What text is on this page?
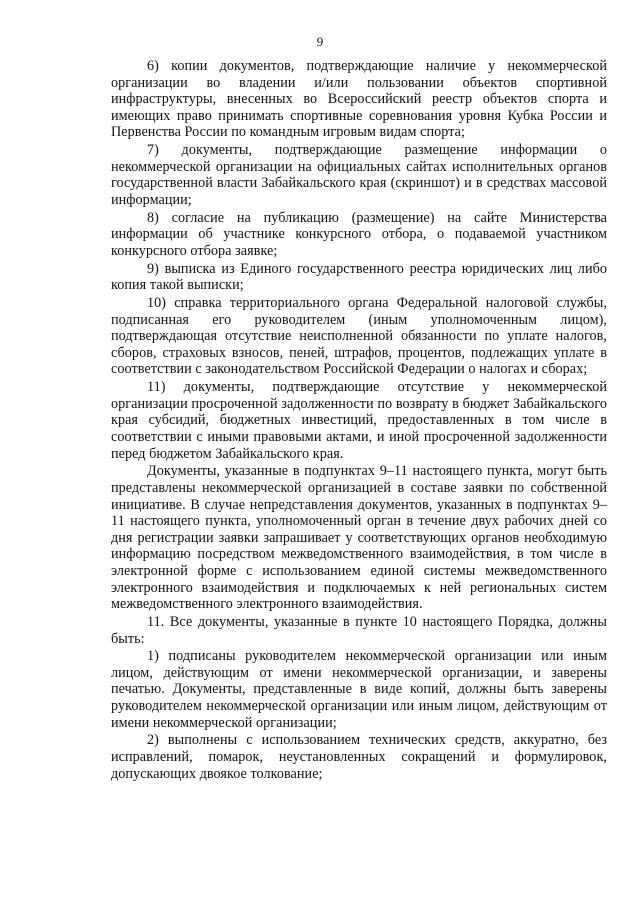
9

6) копии документов, подтверждающие наличие у некоммерческой организации во владении и/или пользовании объектов спортивной инфраструктуры, внесенных во Всероссийский реестр объектов спорта и имеющих право принимать спортивные соревнования уровня Кубка России и Первенства России по командным игровым видам спорта;

7) документы, подтверждающие размещение информации о некоммерческой организации на официальных сайтах исполнительных органов государственной власти Забайкальского края (скриншот) и в средствах массовой информации;

8) согласие на публикацию (размещение) на сайте Министерства информации об участнике конкурсного отбора, о подаваемой участником конкурсного отбора заявке;

9) выписка из Единого государственного реестра юридических лиц либо копия такой выписки;

10) справка территориального органа Федеральной налоговой службы, подписанная его руководителем (иным уполномоченным лицом), подтверждающая отсутствие неисполненной обязанности по уплате налогов, сборов, страховых взносов, пеней, штрафов, процентов, подлежащих уплате в соответствии с законодательством Российской Федерации о налогах и сборах;

11) документы, подтверждающие отсутствие у некоммерческой организации просроченной задолженности по возврату в бюджет Забайкальского края субсидий, бюджетных инвестиций, предоставленных в том числе в соответствии с иными правовыми актами, и иной просроченной задолженности перед бюджетом Забайкальского края.

Документы, указанные в подпунктах 9–11 настоящего пункта, могут быть представлены некоммерческой организацией в составе заявки по собственной инициативе. В случае непредставления документов, указанных в подпунктах 9–11 настоящего пункта, уполномоченный орган в течение двух рабочих дней со дня регистрации заявки запрашивает у соответствующих органов необходимую информацию посредством межведомственного взаимодействия, в том числе в электронной форме с использованием единой системы межведомственного электронного взаимодействия и подключаемых к ней региональных систем межведомственного электронного взаимодействия.

11. Все документы, указанные в пункте 10 настоящего Порядка, должны быть:

1) подписаны руководителем некоммерческой организации или иным лицом, действующим от имени некоммерческой организации, и заверены печатью. Документы, представленные в виде копий, должны быть заверены руководителем некоммерческой организации или иным лицом, действующим от имени некоммерческой организации;

2) выполнены с использованием технических средств, аккуратно, без исправлений, помарок, неустановленных сокращений и формулировок, допускающих двоякое толкование;
